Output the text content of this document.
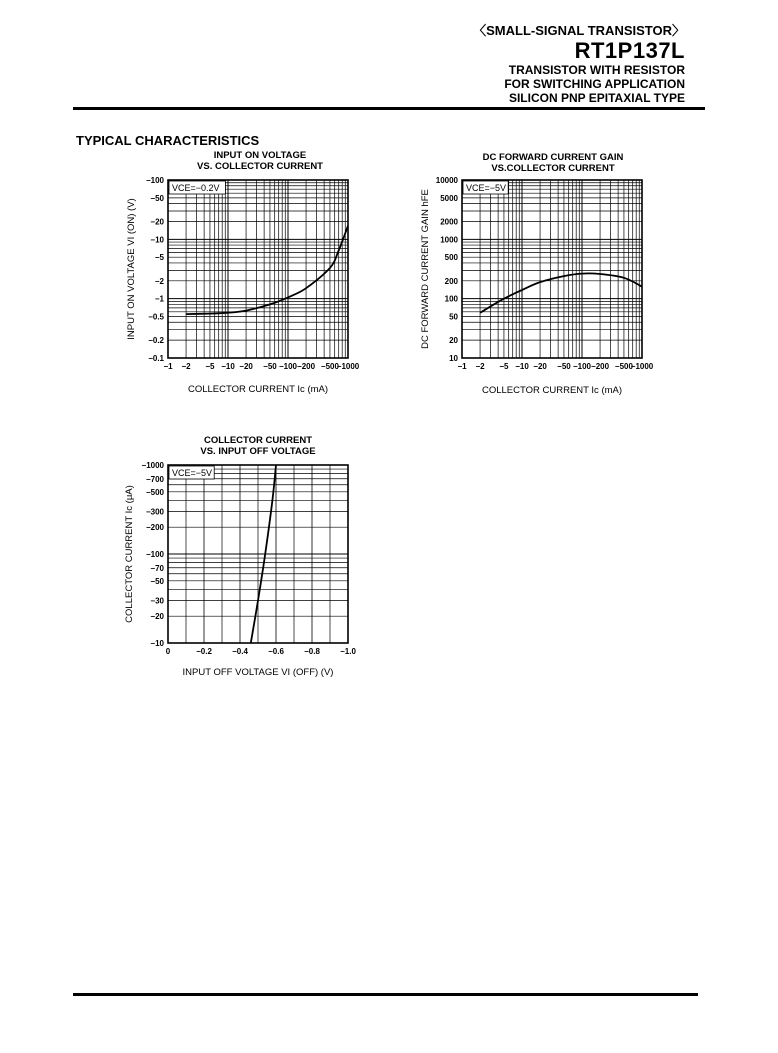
〈SMALL-SIGNAL TRANSISTOR〉
RT1P137L
TRANSISTOR WITH RESISTOR
FOR SWITCHING APPLICATION
SILICON PNP EPITAXIAL TYPE
TYPICAL CHARACTERISTICS
−1 −2 −5 −10 −20 −50 −100 −200 −500
−1000
−0.1
−0.2
−0.5
−1
−2
−5
−10
−20
−50
−100
INPUT ON VOLTAGE
VS. COLLECTOR CURRENT
COLLECTOR CURRENT Ic (mA)
INPUT ON VOLTAGE VI (ON) (V)
VCE=−0.2V
−1 −2 −5 −10 −20 −50 −100 −200 −500
−1000
10
20
50
100
200
500
1000
2000
5000
10000
DC FORWARD CURRENT GAIN
VS.COLLECTOR CURRENT
COLLECTOR CURRENT Ic (mA)
DC FORWARD CURRENT GAIN hFE
VCE=−5V
0	−0.2	−0.4	−0.6	−0.8	−1.0
−10
−20
−30
−50
−70
−100
−200
−300
−500
−700
−1000
COLLECTOR CURRENT
VS. INPUT OFF VOLTAGE
INPUT OFF VOLTAGE VI (OFF) (V)
COLLECTOR CURRENT Ic (μA)
VCE=−5V
